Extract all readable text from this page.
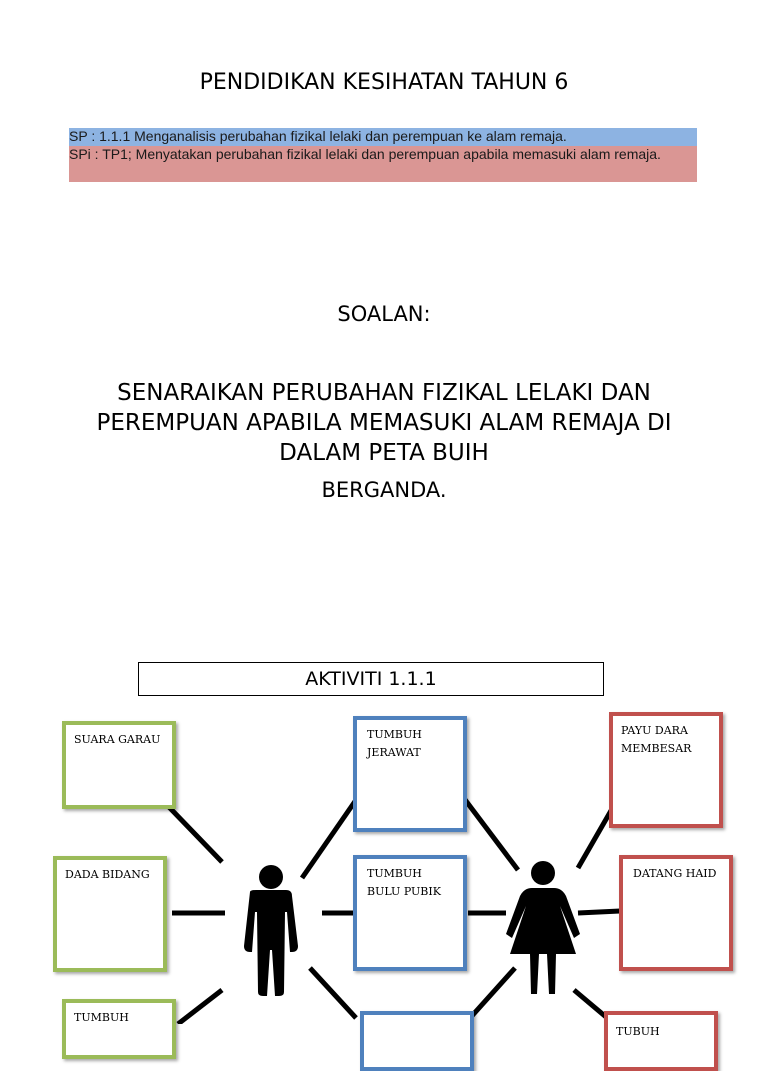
PENDIDIKAN KESIHATAN TAHUN 6
SP : 1.1.1 Menganalisis perubahan fizikal lelaki dan perempuan ke alam remaja.
SPi : TP1; Menyatakan perubahan fizikal lelaki dan perempuan apabila memasuki alam remaja.
SOALAN:
SENARAIKAN PERUBAHAN FIZIKAL LELAKI DAN PEREMPUAN APABILA MEMASUKI ALAM REMAJA DI DALAM PETA BUIH
BERGANDA.
AKTIVITI 1.1.1
SUARA GARAU
DADA BIDANG
TUMBUH
TUMBUH JERAWAT
TUMBUH BULU PUBIK
PAYU DARA MEMBESAR
DATANG HAID
TUBUH
